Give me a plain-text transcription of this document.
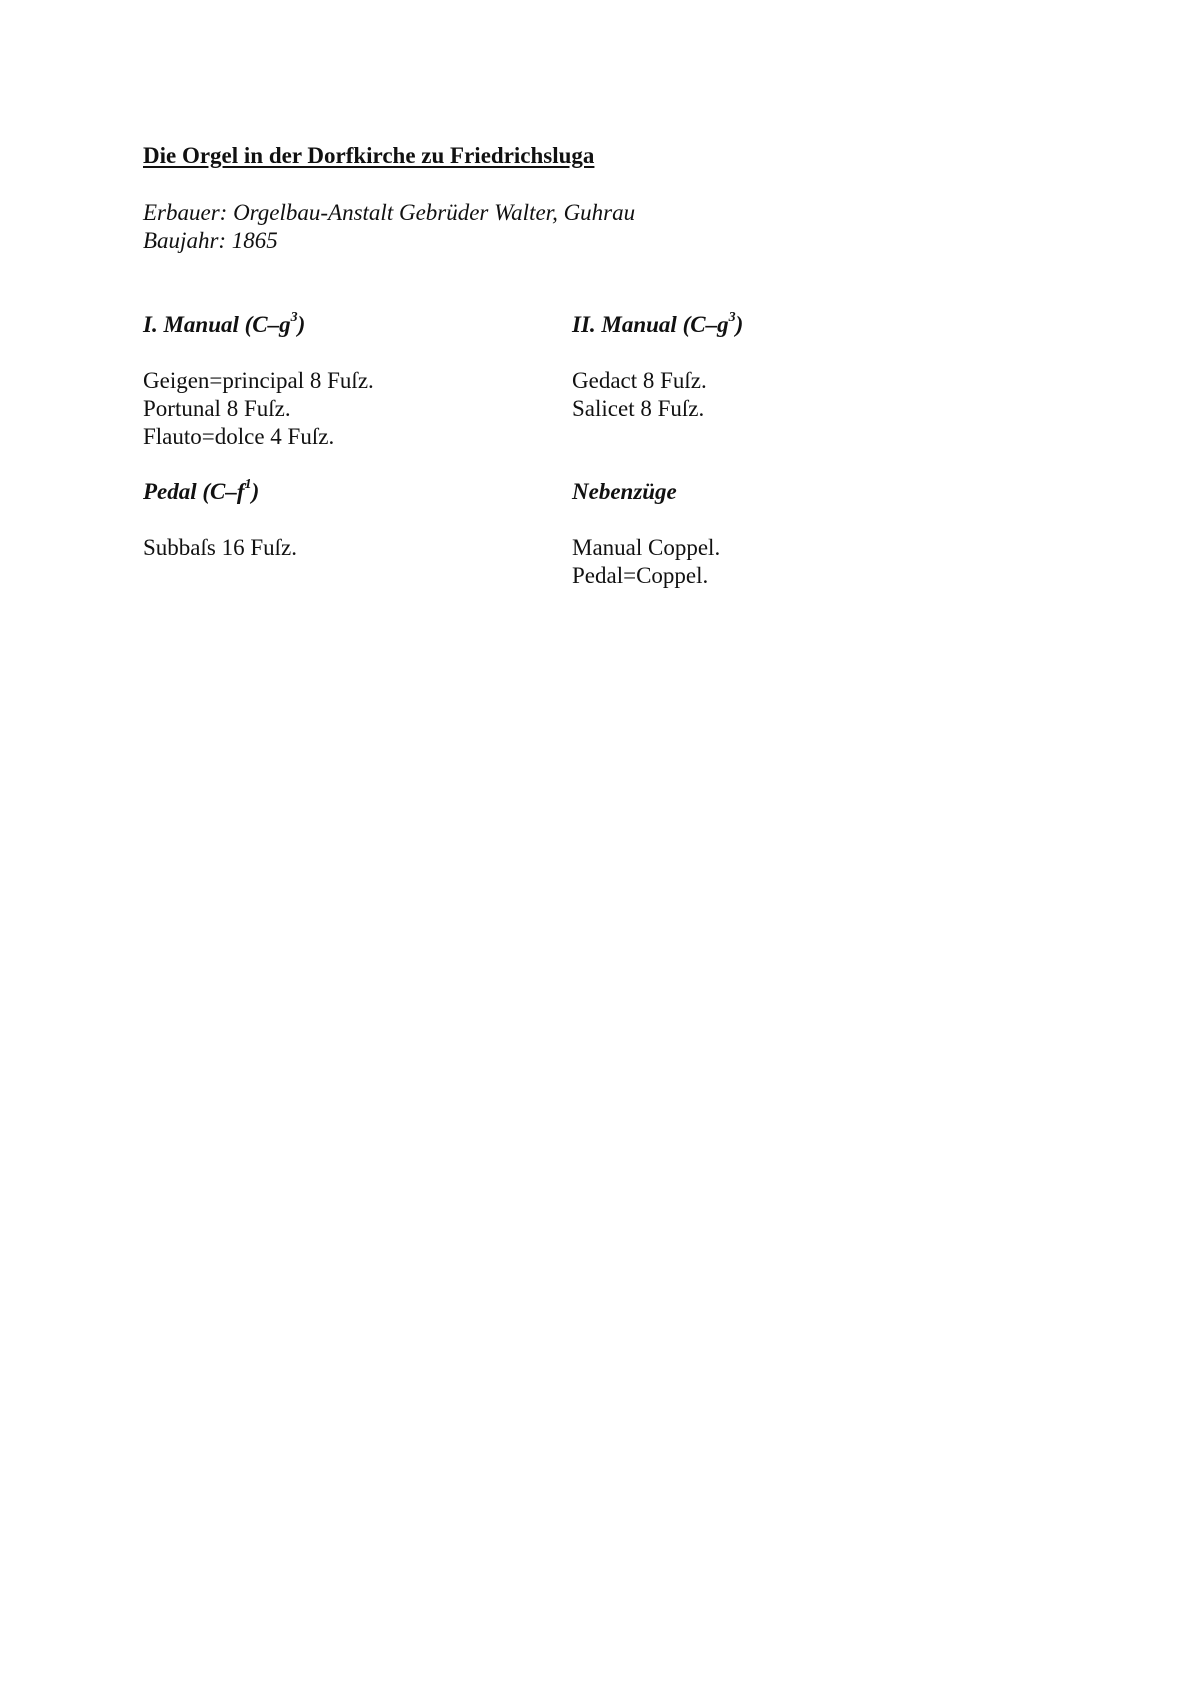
Die Orgel in der Dorfkirche zu Friedrichsluga
Erbauer: Orgelbau-Anstalt Gebrüder Walter, Guhrau
Baujahr: 1865
I. Manual $(C-g^3)$
Geigen=principal 8 Fuſz.
Portunal 8 Fuſz.
Flauto=dolce 4 Fuſz.
II. Manual $(C-g^3)$
Gedact 8 Fuſz.
Salicet 8 Fuſz.
Pedal $(C-f^1)$
Subbaſs 16 Fuſz.
Nebenzüge
Manual Coppel.
Pedal=Coppel.
